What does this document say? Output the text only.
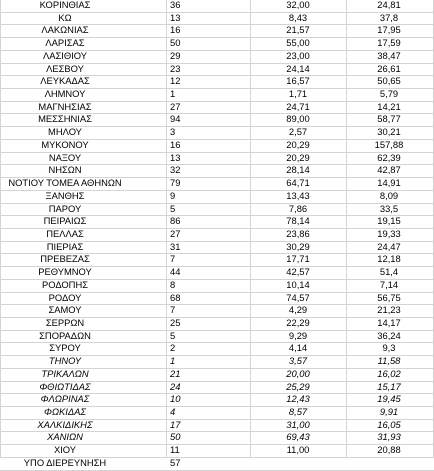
ΚΟΡΙΝΘΙΑΣ	36	32,00	24,81
ΚΩ	13	8,43	37,8
ΛΑΚΩΝΙΑΣ	16	21,57	17,95
ΛΑΡΙΣΑΣ	50	55,00	17,59
ΛΑΣΙΘΙΟΥ	29	23,00	38,47
ΛΕΣΒΟΥ	23	24,14	26,61
ΛΕΥΚΑΔΑΣ	12	16,57	50,65
ΛΗΜΝΟΥ	1	1,71	5,79
ΜΑΓΝΗΣΙΑΣ	27	24,71	14,21
ΜΕΣΣΗΝΙΑΣ	94	89,00	58,77
ΜΗΛΟΥ	3	2,57	30,21
ΜΥΚΟΝΟΥ	16	20,29	157,88
ΝΑΞΟΥ	13	20,29	62,39
ΝΗΣΩΝ	32	28,14	42,87
ΝΟΤΙΟΥ ΤΟΜΕΑ ΑΘΗΝΩΝ	79	64,71	14,91
ΞΑΝΘΗΣ	9	13,43	8,09
ΠΑΡΟΥ	5	7,86	33,5
ΠΕΙΡΑΙΩΣ	86	78,14	19,15
ΠΕΛΛΑΣ	27	23,86	19,33
ΠΙΕΡΙΑΣ	31	30,29	24,47
ΠΡΕΒΕΖΑΣ	7	17,71	12,18
ΡΕΘΥΜΝΟΥ	44	42,57	51,4
ΡΟΔΟΠΗΣ	8	10,14	7,14
ΡΟΔΟΥ	68	74,57	56,75
ΣΑΜΟΥ	7	4,29	21,23
ΣΕΡΡΩΝ	25	22,29	14,17
ΣΠΟΡΑΔΩΝ	5	9,29	36,24
ΣΥΡΟΥ	2	4,14	9,3
ΤΗΝΟΥ	1	3,57	11,58
ΤΡΙΚΑΛΩΝ	21	20,00	16,02
ΦΘΙΩΤΙΔΑΣ	24	25,29	15,17
ΦΛΩΡΙΝΑΣ	10	12,43	19,45
ΦΩΚΙΔΑΣ	4	8,57	9,91
ΧΑΛΚΙΔΙΚΗΣ	17	31,00	16,05
ΧΑΝΙΩΝ	50	69,43	31,93
ΧΙΟΥ	11	11,00	20,88
ΥΠΟ ΔΙΕΡΕΥΝΗΣΗ	57
